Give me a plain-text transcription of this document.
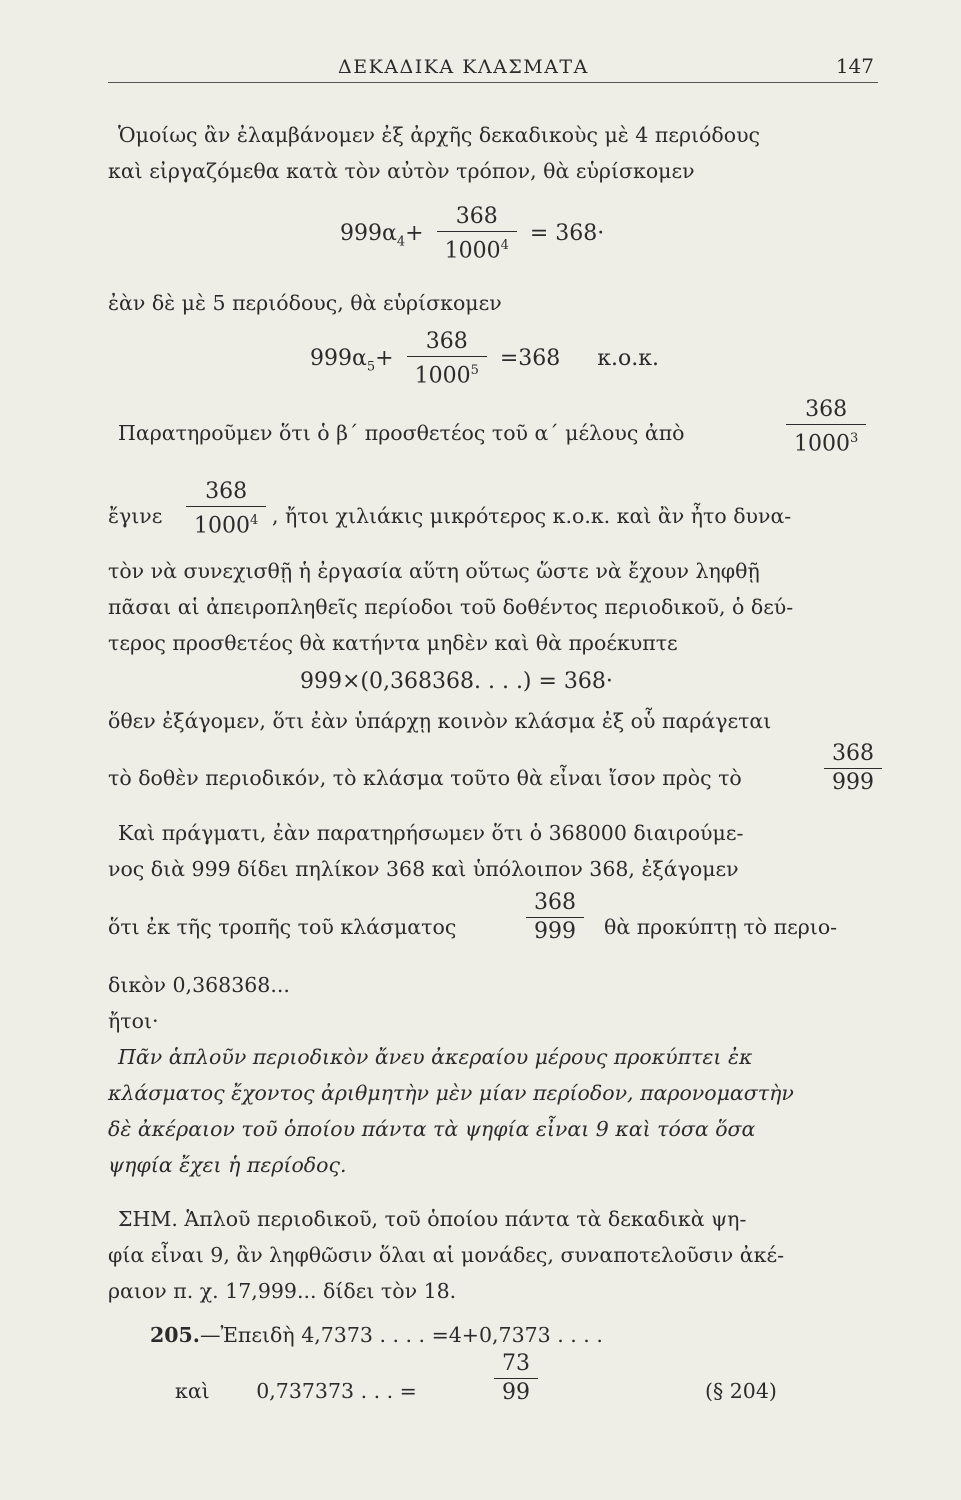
ΔΕΚΑΔΙΚΑ ΚΛΑΣΜΑΤΑ	147
Ὁμοίως ἂν ἐλαμβάνομεν ἐξ ἀρχῆς δεκαδικοὺς μὲ 4 περιόδους
καὶ εἰργαζόμεθα κατὰ τὸν αὐτὸν τρόπον, θὰ εὑρίσκομεν
$999\alpha_4+ \frac{368}{1000^4} = 368\cdot$
ἐὰν δὲ μὲ 5 περιόδους, θὰ εὑρίσκομεν
$999\alpha_5+ \frac{368}{1000^5} =368$ κ.ο.κ.
Παρατηροῦμεν ὅτι ὁ β΄ προσθετέος τοῦ α΄ μέλους ἀπὸ	$\frac{368}{1000^3}$
ἔγινε	$\frac{368}{1000^4}$ , ἤτοι χιλιάκις μικρότερος κ.ο.κ. καὶ ἂν ἦτο δυνα-
τὸν νὰ συνεχισθῇ ἡ ἐργασία αὕτη οὕτως ὥστε νὰ ἔχουν ληφθῇ
πᾶσαι αἱ ἀπειροπληθεῖς περίοδοι τοῦ δοθέντος περιοδικοῦ, ὁ δεύ-
τερος προσθετέος θὰ κατήντα μηδὲν καὶ θὰ προέκυπτε
999×(0,368368. . . .) = 368·
ὅθεν ἐξάγομεν, ὅτι ἐὰν ὑπάρχῃ κοινὸν κλάσμα ἐξ οὗ παράγεται
τὸ δοθὲν περιοδικόν, τὸ κλάσμα τοῦτο θὰ εἶναι ἴσον πρὸς τὸ	$\frac{368}{999}$
Καὶ πράγματι, ἐὰν παρατηρήσωμεν ὅτι ὁ 368000 διαιρούμε-
νος διὰ 999 δίδει πηλίκον 368 καὶ ὑπόλοιπον 368, ἐξάγομεν
ὅτι ἐκ τῆς τροπῆς τοῦ κλάσματος	$\frac{368}{999}$ θὰ προκύπτῃ τὸ περιο-
δικὸν 0,368368...
ἤτοι·
Πᾶν ἁπλοῦν περιοδικὸν ἄνευ ἀκεραίου μέρους προκύπτει ἐκ
κλάσματος ἔχοντος ἀριθμητὴν μὲν μίαν περίοδον, παρονομαστὴν
δὲ ἀκέραιον τοῦ ὁποίου πάντα τὰ ψηφία εἶναι 9 καὶ τόσα ὅσα
ψηφία ἔχει ἡ περίοδος.
ΣΗΜ. Ἁπλοῦ περιοδικοῦ, τοῦ ὁποίου πάντα τὰ δεκαδικὰ ψη-
φία εἶναι 9, ἂν ληφθῶσιν ὅλαι αἱ μονάδες, συναποτελοῦσιν ἀκέ-
ραιον π. χ. 17,999... δίδει τὸν 18.
205.—Ἐπειδὴ 4,7373 . . . . =4+0,7373 . . . .
καὶ 0,737373 . . . =	(§ 204)
$\frac{73}{99}$
